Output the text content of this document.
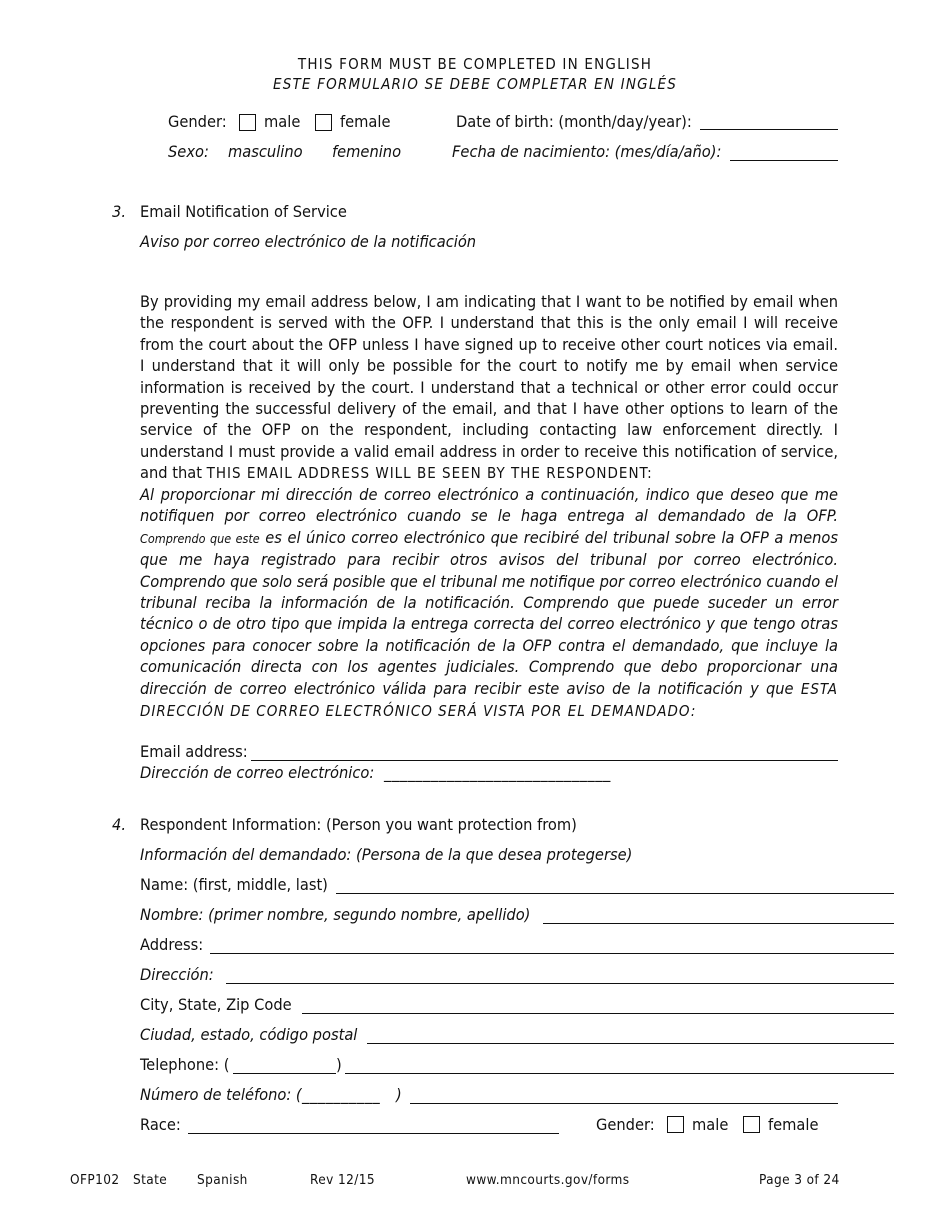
THIS FORM MUST BE COMPLETED IN ENGLISH
ESTE FORMULARIO SE DEBE COMPLETAR EN INGLÉS
Gender: male female	Date of birth: (month/day/year):
Sexo: masculino femenino	Fecha de nacimiento: (mes/día/año):
3. Email Notification of Service
Aviso por correo electrónico de la notificación
By providing my email address below, I am indicating that I want to be notified by email when the respondent is served with the OFP. I understand that this is the only email I will receive from the court about the OFP unless I have signed up to receive other court notices via email. I understand that it will only be possible for the court to notify me by email when service information is received by the court. I understand that a technical or other error could occur preventing the successful delivery of the email, and that I have other options to learn of the service of the OFP on the respondent, including contacting law enforcement directly. I understand I must provide a valid email address in order to receive this notification of service, and that THIS EMAIL ADDRESS WILL BE SEEN BY THE RESPONDENT:
Al proporcionar mi dirección de correo electrónico a continuación, indico que deseo que me notifiquen por correo electrónico cuando se le haga entrega al demandado de la OFP. Comprendo que este es el único correo electrónico que recibiré del tribunal sobre la OFP a menos que me haya registrado para recibir otros avisos del tribunal por correo electrónico. Comprendo que solo será posible que el tribunal me notifique por correo electrónico cuando el tribunal reciba la información de la notificación. Comprendo que puede suceder un error técnico o de otro tipo que impida la entrega correcta del correo electrónico y que tengo otras opciones para conocer sobre la notificación de la OFP contra el demandado, que incluye la comunicación directa con los agentes judiciales. Comprendo que debo proporcionar una dirección de correo electrónico válida para recibir este aviso de la notificación y que ESTA DIRECCIÓN DE CORREO ELECTRÓNICO SERÁ VISTA POR EL DEMANDADO:
Email address:
Dirección de correo electrónico: _____________________________
4. Respondent Information: (Person you want protection from)
Información del demandado: (Persona de la que desea protegerse)
Name: (first, middle, last)
Nombre: (primer nombre, segundo nombre, apellido)
Address:
Dirección:
City, State, Zip Code
Ciudad, estado, código postal
Telephone: (	)
Número de teléfono: ( __________ )
Race:	Gender: male female
OFP102 State Spanish	Rev 12/15	www.mncourts.gov/forms	Page 3 of 24
